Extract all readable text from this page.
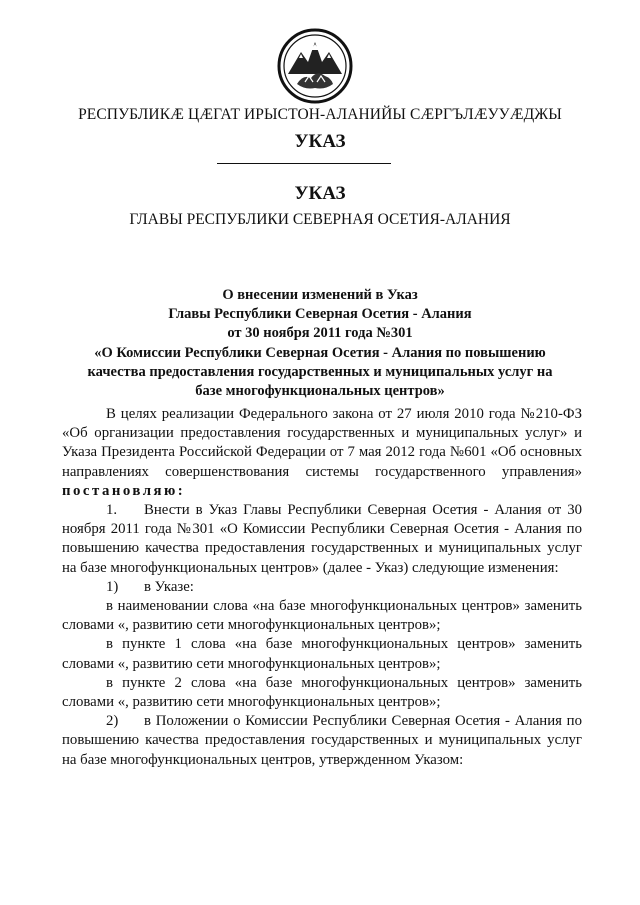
РЕСПУБЛИКӔ ЦӔГАТ ИРЫСТОН-АЛАНИЙЫ СӔРГЪЛӔУУӔДЖЫ
УКАЗ
УКАЗ
ГЛАВЫ РЕСПУБЛИКИ СЕВЕРНАЯ ОСЕТИЯ-АЛАНИЯ
О внесении изменений в Указ
Главы Республики Северная Осетия - Алания
от 30 ноября 2011 года №301
«О Комиссии Республики Северная Осетия - Алания по повышению
качества предоставления государственных и муниципальных услуг на
базе многофункциональных центров»

В целях реализации Федерального закона от 27 июля 2010 года №210-ФЗ «Об организации предоставления государственных и муниципальных услуг» и Указа Президента Российской Федерации от 7 мая 2012 года №601 «Об основных направлениях совершенствования системы государственного управления» постановляю:

1. Внести в Указ Главы Республики Северная Осетия - Алания от 30 ноября 2011 года №301 «О Комиссии Республики Северная Осетия - Алания по повышению качества предоставления государственных и муниципальных услуг на базе многофункциональных центров» (далее - Указ) следующие изменения:

1) в Указе:

в наименовании слова «на базе многофункциональных центров» заменить словами «, развитию сети многофункциональных центров»;

в пункте 1 слова «на базе многофункциональных центров» заменить словами «, развитию сети многофункциональных центров»;

в пункте 2 слова «на базе многофункциональных центров» заменить словами «, развитию сети многофункциональных центров»;

2) в Положении о Комиссии Республики Северная Осетия - Алания по повышению качества предоставления государственных и муниципальных услуг на базе многофункциональных центров, утвержденном Указом:
